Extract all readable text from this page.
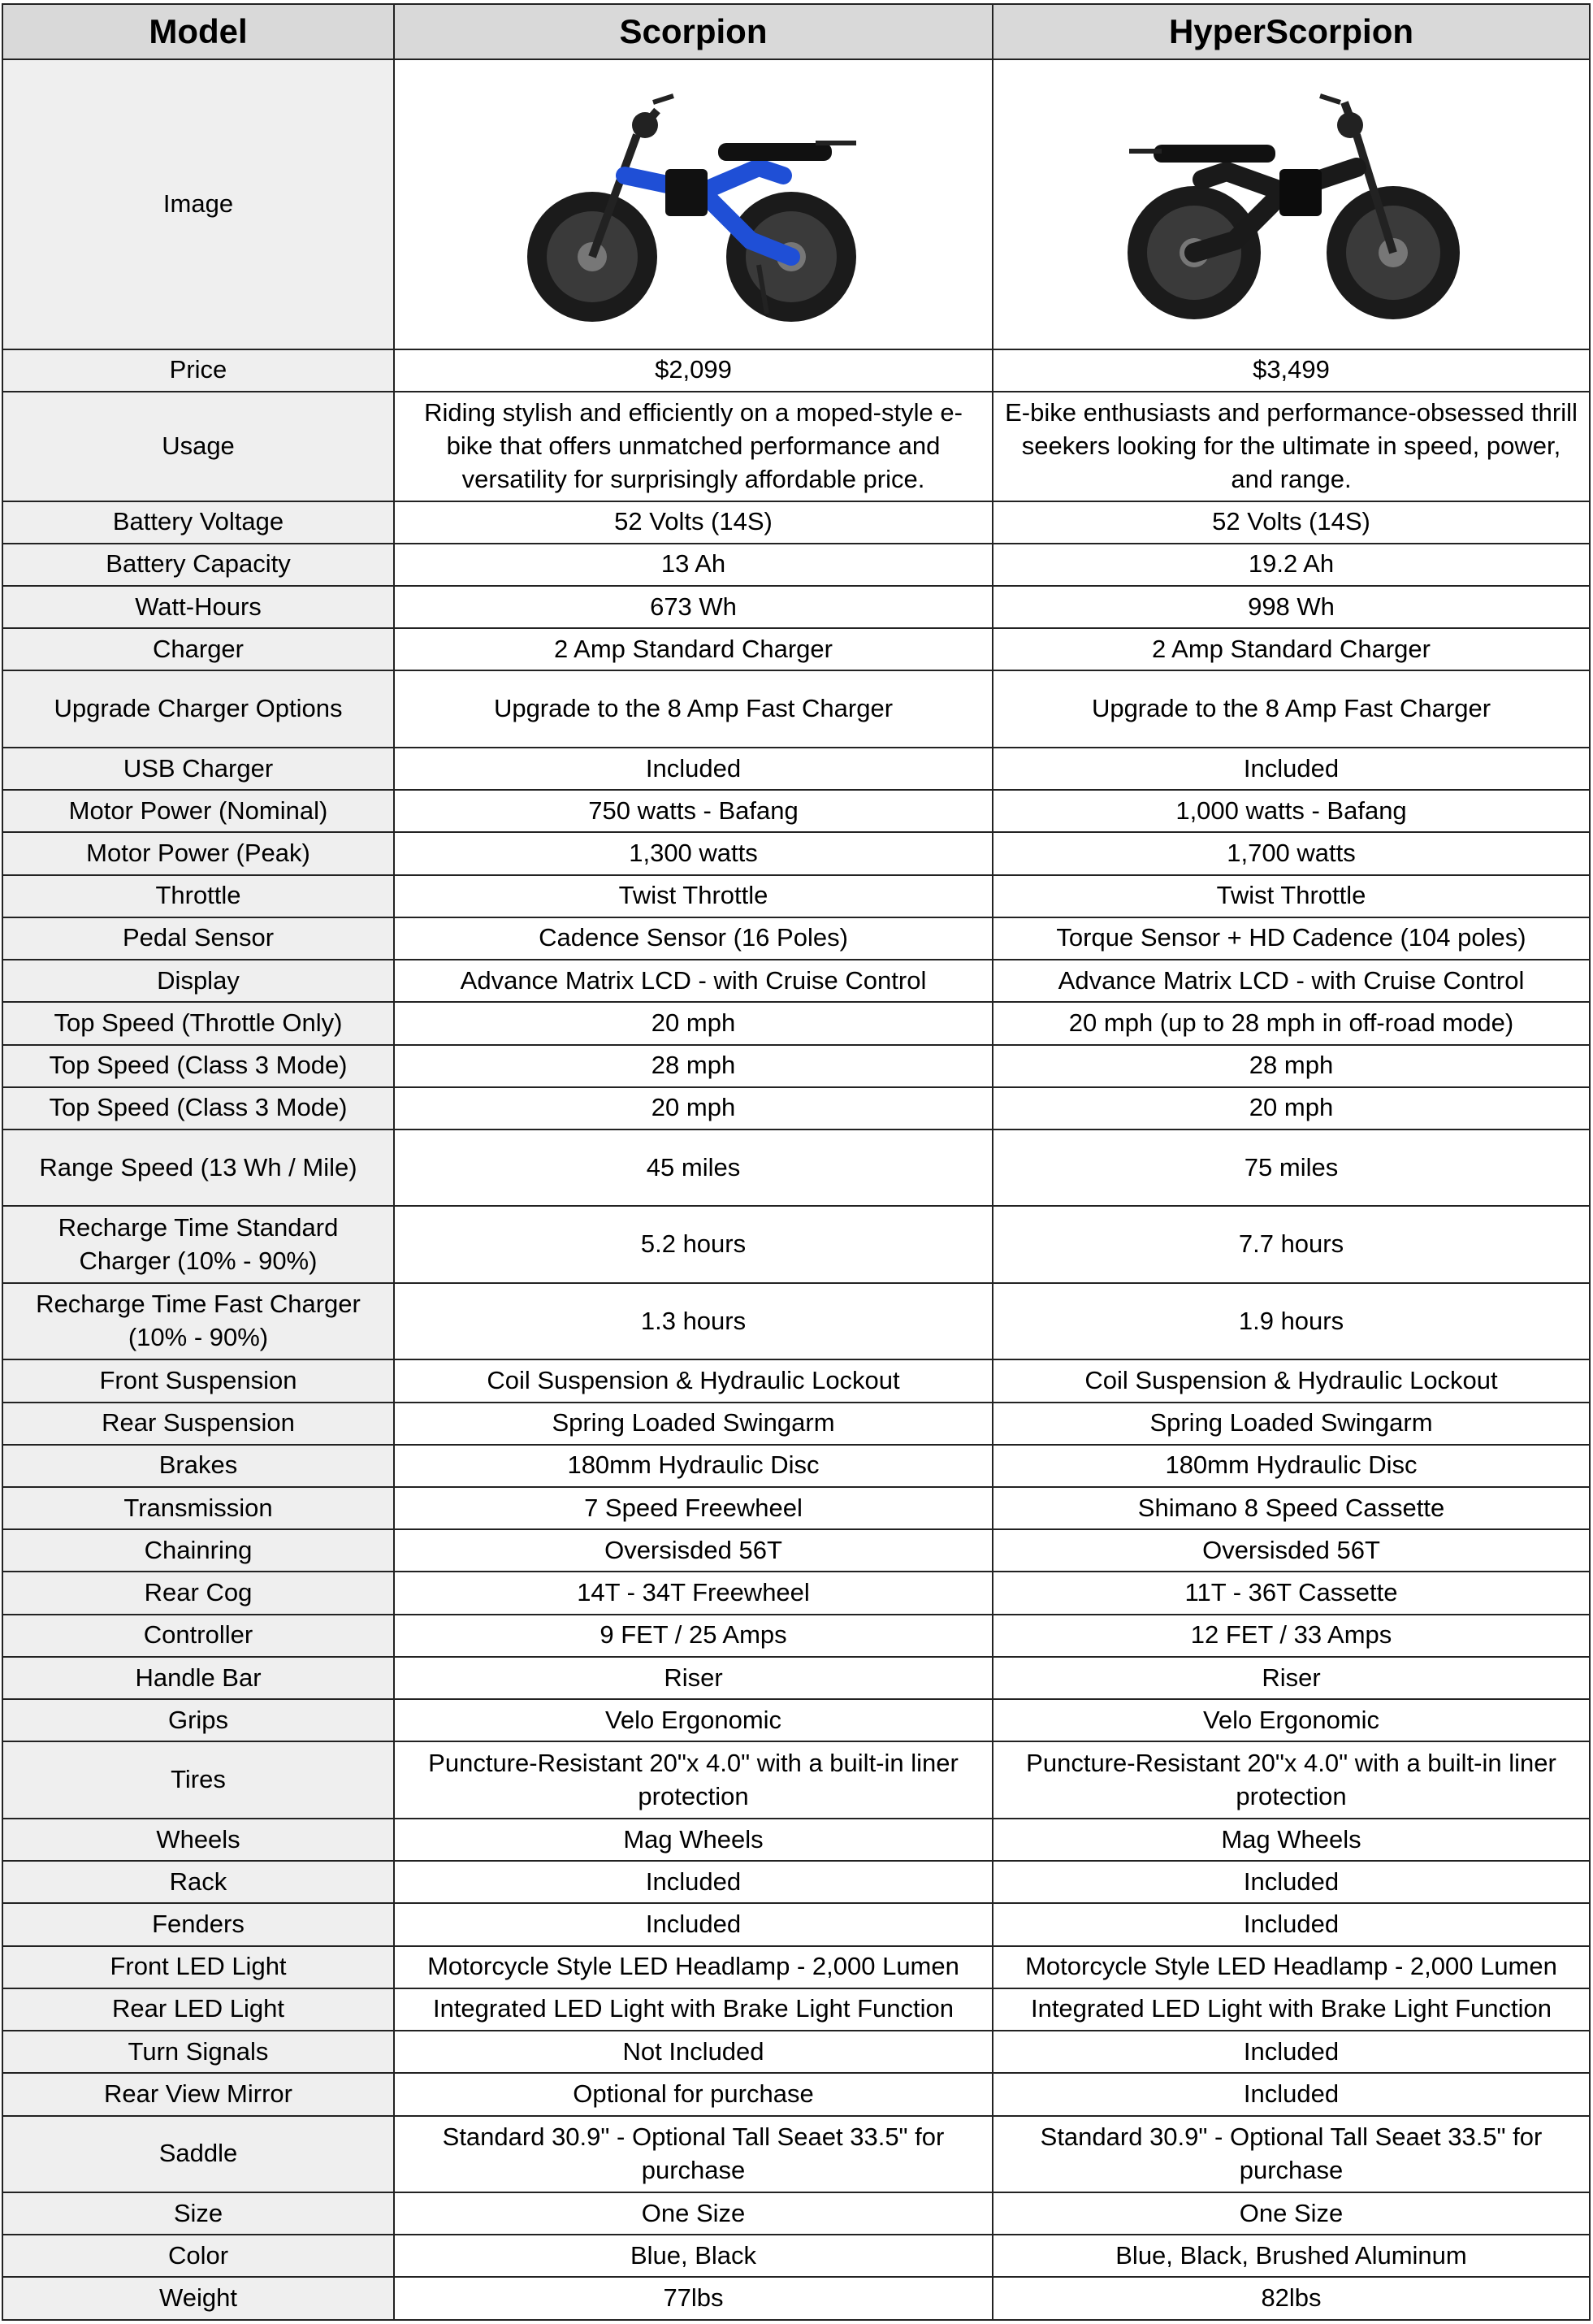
Model	Scorpion	HyperScorpion
Image	

Price	$2,099	$3,499
Usage	Riding stylish and efficiently on a moped-style e-bike that offers unmatched performance and versatility for surprisingly affordable price.	E-bike enthusiasts and performance-obsessed thrill seekers looking for the ultimate in speed, power, and range.
Battery Voltage	52 Volts (14S)	52 Volts (14S)
Battery Capacity	13 Ah	19.2 Ah
Watt-Hours	673 Wh	998 Wh
Charger	2 Amp Standard Charger	2 Amp Standard Charger
Upgrade Charger Options	Upgrade to the 8 Amp Fast Charger	Upgrade to the 8 Amp Fast Charger
USB Charger	Included	Included
Motor Power (Nominal)	750 watts - Bafang	1,000 watts - Bafang
Motor Power (Peak)	1,300 watts	1,700 watts
Throttle	Twist Throttle	Twist Throttle
Pedal Sensor	Cadence Sensor (16 Poles)	Torque Sensor + HD Cadence (104 poles)
Display	Advance Matrix LCD - with Cruise Control	Advance Matrix LCD - with Cruise Control
Top Speed (Throttle Only)	20 mph	20 mph (up to 28 mph in off-road mode)
Top Speed (Class 3 Mode)	28 mph	28 mph
Top Speed (Class 3 Mode)	20 mph	20 mph
Range Speed (13 Wh / Mile)	45 miles	75 miles
Recharge Time Standard Charger (10% - 90%)	5.2 hours	7.7 hours
Recharge Time Fast Charger (10% - 90%)	1.3 hours	1.9 hours
Front Suspension	Coil Suspension & Hydraulic Lockout	Coil Suspension & Hydraulic Lockout
Rear Suspension	Spring Loaded Swingarm	Spring Loaded Swingarm
Brakes	180mm Hydraulic Disc	180mm Hydraulic Disc
Transmission	7 Speed Freewheel	Shimano 8 Speed Cassette
Chainring	Oversisded 56T	Oversisded 56T
Rear Cog	14T - 34T Freewheel	11T - 36T Cassette
Controller	9 FET / 25 Amps	12 FET / 33 Amps
Handle Bar	Riser	Riser
Grips	Velo Ergonomic	Velo Ergonomic
Tires	Puncture-Resistant 20"x 4.0" with a built-in liner protection	Puncture-Resistant 20"x 4.0" with a built-in liner protection
Wheels	Mag Wheels	Mag Wheels
Rack	Included	Included
Fenders	Included	Included
Front LED Light	Motorcycle Style LED Headlamp - 2,000 Lumen	Motorcycle Style LED Headlamp - 2,000 Lumen
Rear LED Light	Integrated LED Light with Brake Light Function	Integrated LED Light with Brake Light Function
Turn Signals	Not Included	Included
Rear View Mirror	Optional for purchase	Included
Saddle	Standard 30.9" - Optional Tall Seaet 33.5" for purchase	Standard 30.9" - Optional Tall Seaet 33.5" for purchase
Size	One Size	One Size
Color	Blue, Black	Blue, Black, Brushed Aluminum
Weight	77lbs	82lbs
